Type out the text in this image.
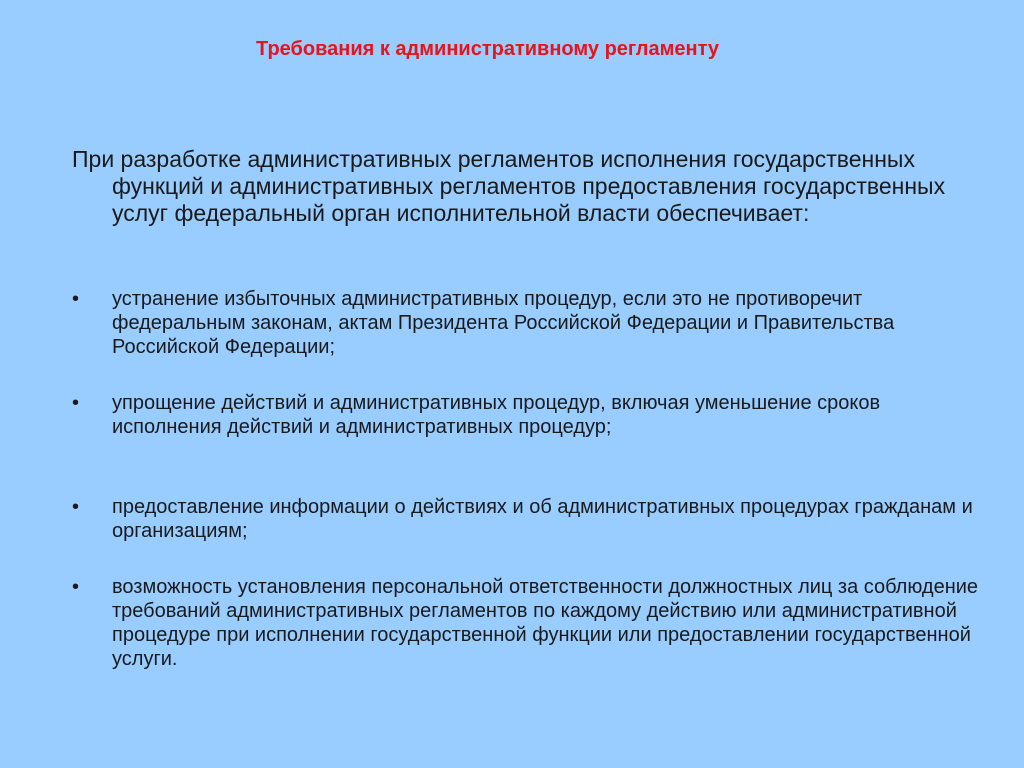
Требования к административному регламенту

При разработке административных регламентов исполнения государственных функций и административных регламентов предоставления государственных услуг федеральный орган исполнительной власти обеспечивает:

•	устранение избыточных административных процедур, если это не противоречит федеральным законам, актам Президента Российской Федерации и Правительства Российской Федерации;
•	упрощение действий и административных процедур, включая уменьшение сроков исполнения действий и административных процедур;
•	предоставление информации о действиях и об административных процедурах гражданам и организациям;
•	возможность установления персональной ответственности должностных лиц за соблюдение требований административных регламентов по каждому действию или административной процедуре при исполнении государственной функции или предоставлении государственной услуги.
